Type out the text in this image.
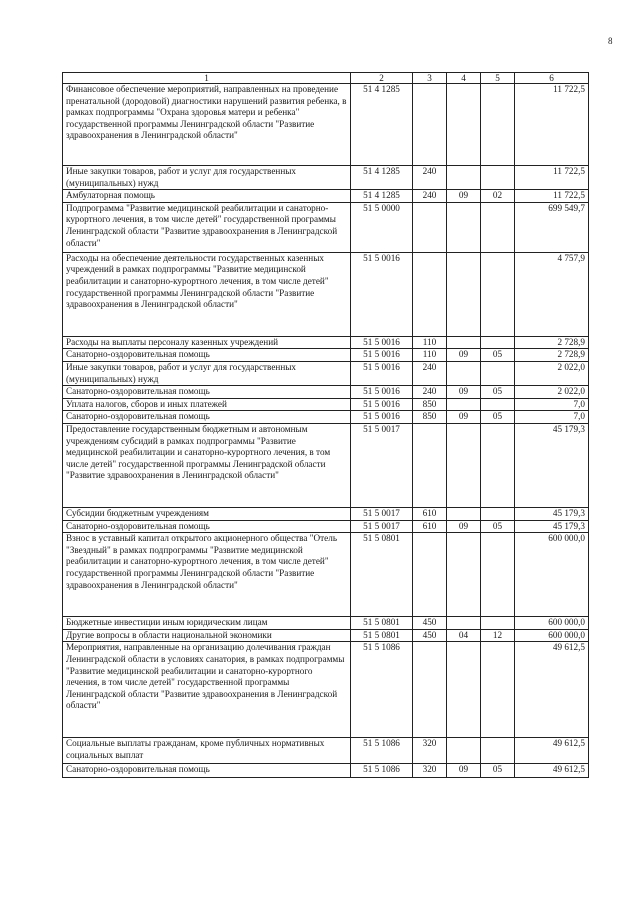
8
1	2	3	4	5	6
Финансовое обеспечение мероприятий, направленных на проведение пренатальной (дородовой) диагностики нарушений развития ребенка, в рамках подпрограммы "Охрана здоровья матери и ребенка" государственной программы Ленинградской области "Развитие здравоохранения в Ленинградской области"	51 4 1285				11 722,5
Иные закупки товаров, работ и услуг для государственных (муниципальных) нужд	51 4 1285	240			11 722,5
Амбулаторная помощь	51 4 1285	240	09	02	11 722,5
Подпрограмма "Развитие медицинской реабилитации и санаторно-курортного лечения, в том числе детей" государственной программы Ленинградской области "Развитие здравоохранения в Ленинградской области"	51 5 0000				699 549,7
Расходы на обеспечение деятельности государственных казенных учреждений в рамках подпрограммы "Развитие медицинской реабилитации и санаторно-курортного лечения, в том числе детей" государственной программы Ленинградской области "Развитие здравоохранения в Ленинградской области"	51 5 0016				4 757,9
Расходы на выплаты персоналу казенных учреждений	51 5 0016	110			2 728,9
Санаторно-оздоровительная помощь	51 5 0016	110	09	05	2 728,9
Иные закупки товаров, работ и услуг для государственных (муниципальных) нужд	51 5 0016	240			2 022,0
Санаторно-оздоровительная помощь	51 5 0016	240	09	05	2 022,0
Уплата налогов, сборов и иных платежей	51 5 0016	850			7,0
Санаторно-оздоровительная помощь	51 5 0016	850	09	05	7,0
Предоставление государственным бюджетным и автономным учреждениям субсидий в рамках подпрограммы "Развитие медицинской реабилитации и санаторно-курортного лечения, в том числе детей" государственной программы Ленинградской области "Развитие здравоохранения в Ленинградской области"	51 5 0017				45 179,3
Субсидии бюджетным учреждениям	51 5 0017	610			45 179,3
Санаторно-оздоровительная помощь	51 5 0017	610	09	05	45 179,3
Взнос в уставный капитал открытого акционерного общества "Отель "Звездный" в рамках подпрограммы "Развитие медицинской реабилитации и санаторно-курортного лечения, в том числе детей" государственной программы Ленинградской области "Развитие здравоохранения в Ленинградской области"	51 5 0801				600 000,0
Бюджетные инвестиции иным юридическим лицам	51 5 0801	450			600 000,0
Другие вопросы в области национальной экономики	51 5 0801	450	04	12	600 000,0
Мероприятия, направленные на организацию долечивания граждан Ленинградской области в условиях санатория, в рамках подпрограммы "Развитие медицинской реабилитации и санаторно-курортного лечения, в том числе детей" государственной программы Ленинградской области "Развитие здравоохранения в Ленинградской области"	51 5 1086				49 612,5
Социальные выплаты гражданам, кроме публичных нормативных социальных выплат	51 5 1086	320			49 612,5
Санаторно-оздоровительная помощь	51 5 1086	320	09	05	49 612,5
